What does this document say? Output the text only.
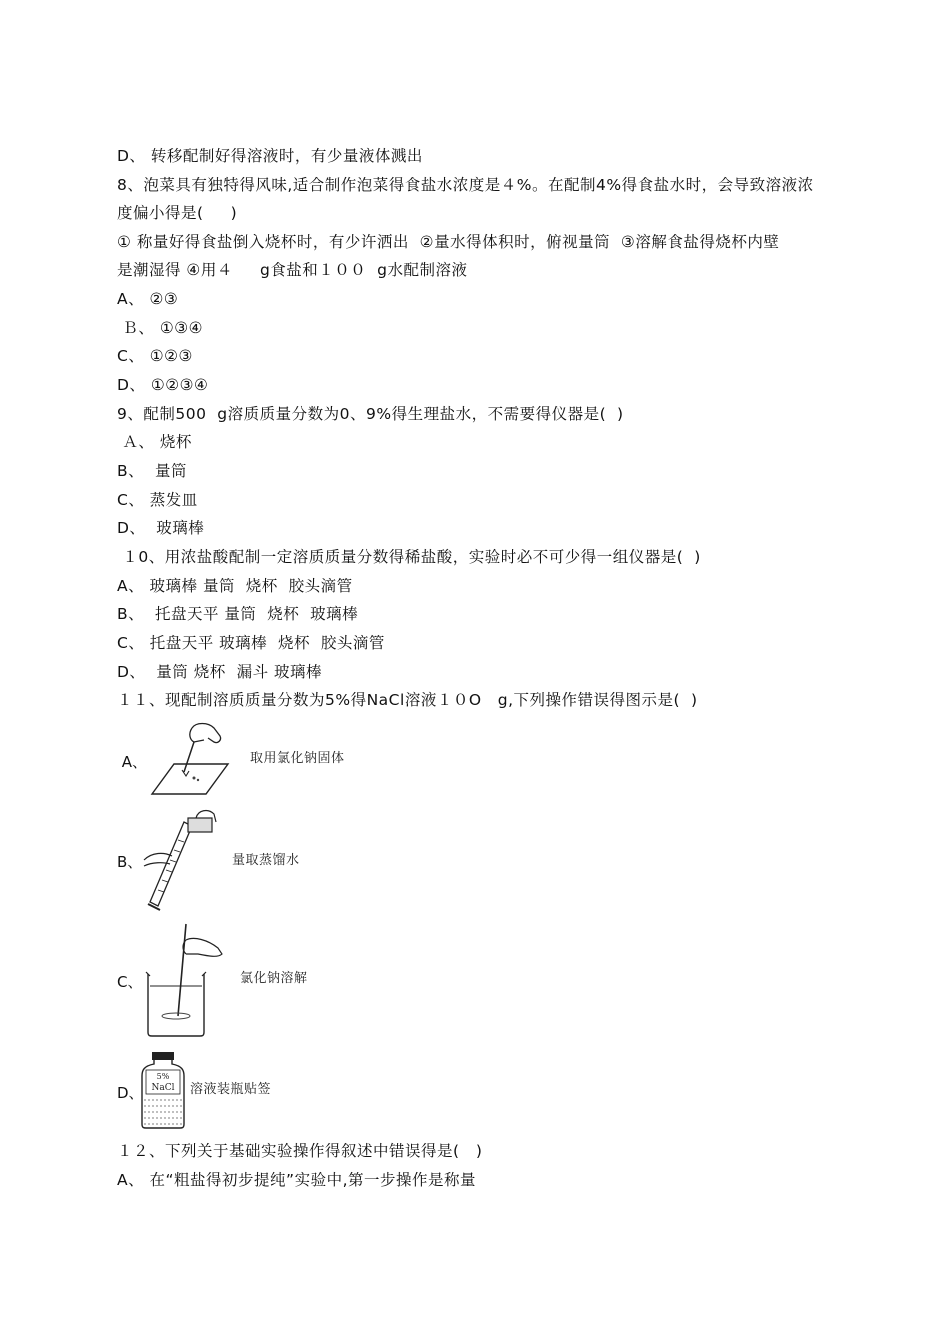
D、 转移配制好得溶液时，有少量液体溅出
8、泡菜具有独特得风味,适合制作泡菜得食盐水浓度是４%。在配制4%得食盐水时，会导致溶液浓
度偏小得是(     )
① 称量好得食盐倒入烧杯时，有少许洒出  ②量水得体积时，俯视量筒  ③溶解食盐得烧杯内壁
是潮湿得 ④用４     g食盐和１００  g水配制溶液
A、 ②③
Ｂ、 ①③④
C、 ①②③
D、 ①②③④
9、配制500  g溶质质量分数为0、9%得生理盐水，不需要得仪器是(  )
Ａ、 烧杯
B、  量筒
C、 蒸发皿
D、  玻璃棒
１0、用浓盐酸配制一定溶质质量分数得稀盐酸，实验时必不可少得一组仪器是(  )
A、 玻璃棒 量筒  烧杯  胶头滴管
B、  托盘天平 量筒  烧杯  玻璃棒
C、 托盘天平 玻璃棒  烧杯  胶头滴管
D、  量筒 烧杯  漏斗 玻璃棒
１１、现配制溶质质量分数为5%得NaCl溶液１０O   g,下列操作错误得图示是(  )
A、	取用氯化钠固体
B、	量取蒸馏水
C、	氯化钠溶解
D、
5%
NaCl 溶液装瓶贴签
１２、下列关于基础实验操作得叙述中错误得是(   )
A、 在“粗盐得初步提纯”实验中,第一步操作是称量
